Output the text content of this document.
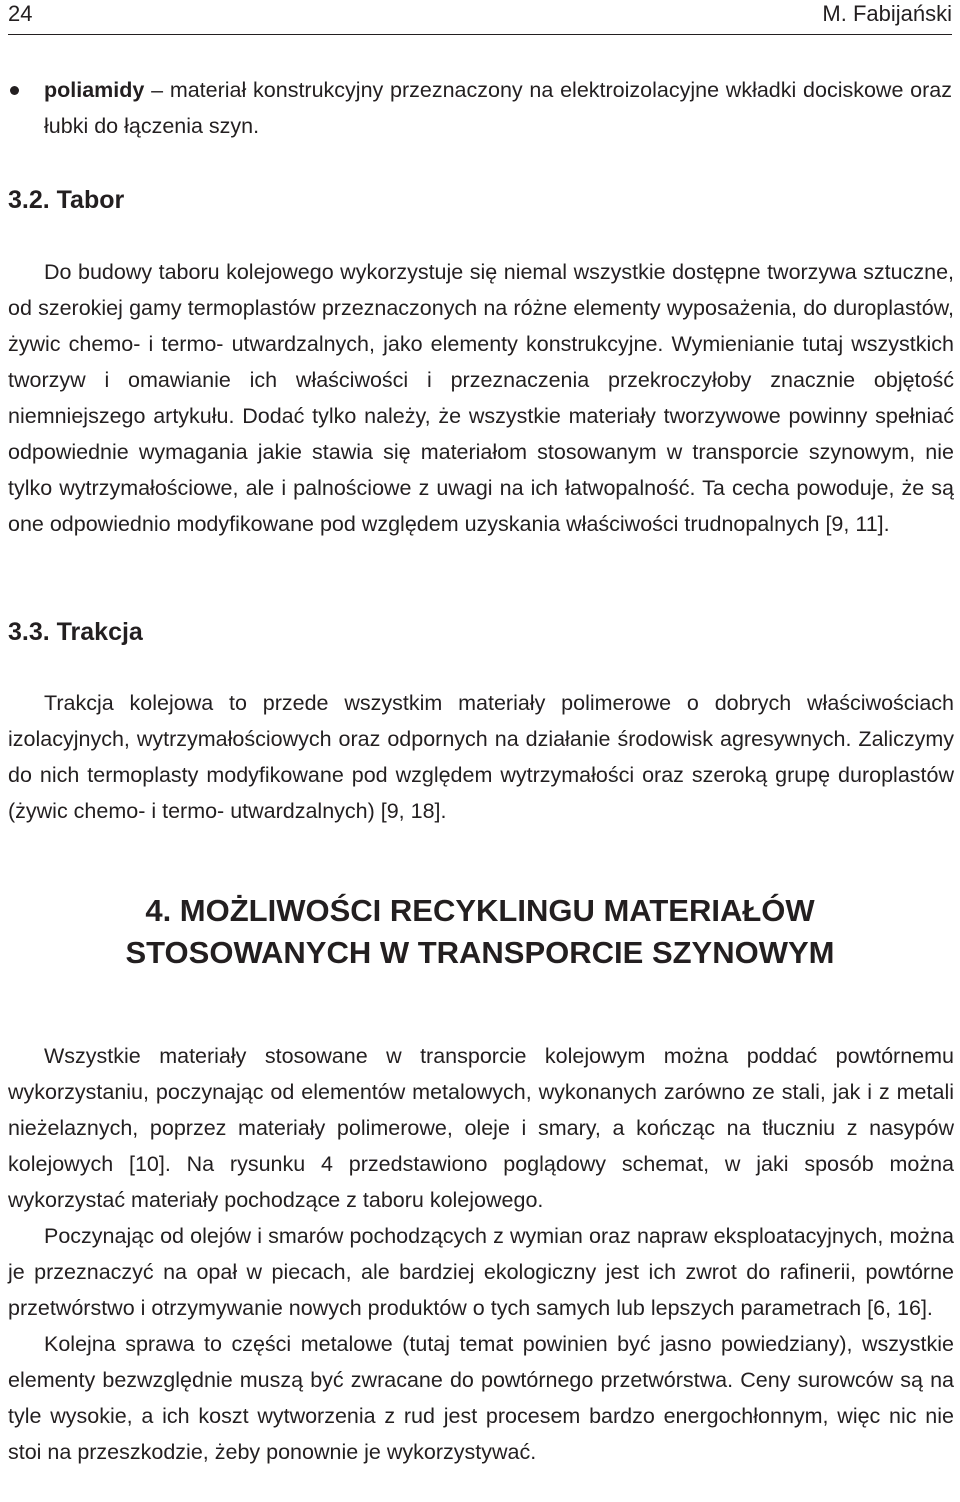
24	M. Fabijański

poliamidy – materiał konstrukcyjny przeznaczony na elektroizolacyjne wkładki dociskowe oraz łubki do łączenia szyn.

3.2. Tabor

Do budowy taboru kolejowego wykorzystuje się niemal wszystkie dostępne tworzywa sztuczne, od szerokiej gamy termoplastów przeznaczonych na różne elementy wyposażenia, do duroplastów, żywic chemo- i termo- utwardzalnych, jako elementy konstrukcyjne. Wymienianie tutaj wszystkich tworzyw i omawianie ich właściwości i przeznaczenia przekroczyłoby znacznie objętość niemniejszego artykułu. Dodać tylko należy, że wszystkie materiały tworzywowe powinny spełniać odpowiednie wymagania jakie stawia się materiałom stosowanym w transporcie szynowym, nie tylko wytrzymałościowe, ale i palnościowe z uwagi na ich łatwopalność. Ta cecha powoduje, że są one odpowiednio modyfikowane pod względem uzyskania właściwości trudnopalnych [9, 11].

3.3. Trakcja

Trakcja kolejowa to przede wszystkim materiały polimerowe o dobrych właściwościach izolacyjnych, wytrzymałościowych oraz odpornych na działanie środowisk agresywnych. Zaliczymy do nich termoplasty modyfikowane pod względem wytrzymałości oraz szeroką grupę duroplastów (żywic chemo- i termo- utwardzalnych) [9, 18].

4. MOŻLIWOŚCI RECYKLINGU MATERIAŁÓW
STOSOWANYCH W TRANSPORCIE SZYNOWYM

Wszystkie materiały stosowane w transporcie kolejowym można poddać powtórnemu wykorzystaniu, poczynając od elementów metalowych, wykonanych zarówno ze stali, jak i z metali nieżelaznych, poprzez materiały polimerowe, oleje i smary, a kończąc na tłuczniu z nasypów kolejowych [10]. Na rysunku 4 przedstawiono poglądowy schemat, w jaki sposób można wykorzystać materiały pochodzące z taboru kolejowego.

Poczynając od olejów i smarów pochodzących z wymian oraz napraw eksploatacyjnych, można je przeznaczyć na opał w piecach, ale bardziej ekologiczny jest ich zwrot do rafinerii, powtórne przetwórstwo i otrzymywanie nowych produktów o tych samych lub lepszych parametrach [6, 16].

Kolejna sprawa to części metalowe (tutaj temat powinien być jasno powiedziany), wszystkie elementy bezwzględnie muszą być zwracane do powtórnego przetwórstwa. Ceny surowców są na tyle wysokie, a ich koszt wytworzenia z rud jest procesem bardzo energochłonnym, więc nic nie stoi na przeszkodzie, żeby ponownie je wykorzystywać.
